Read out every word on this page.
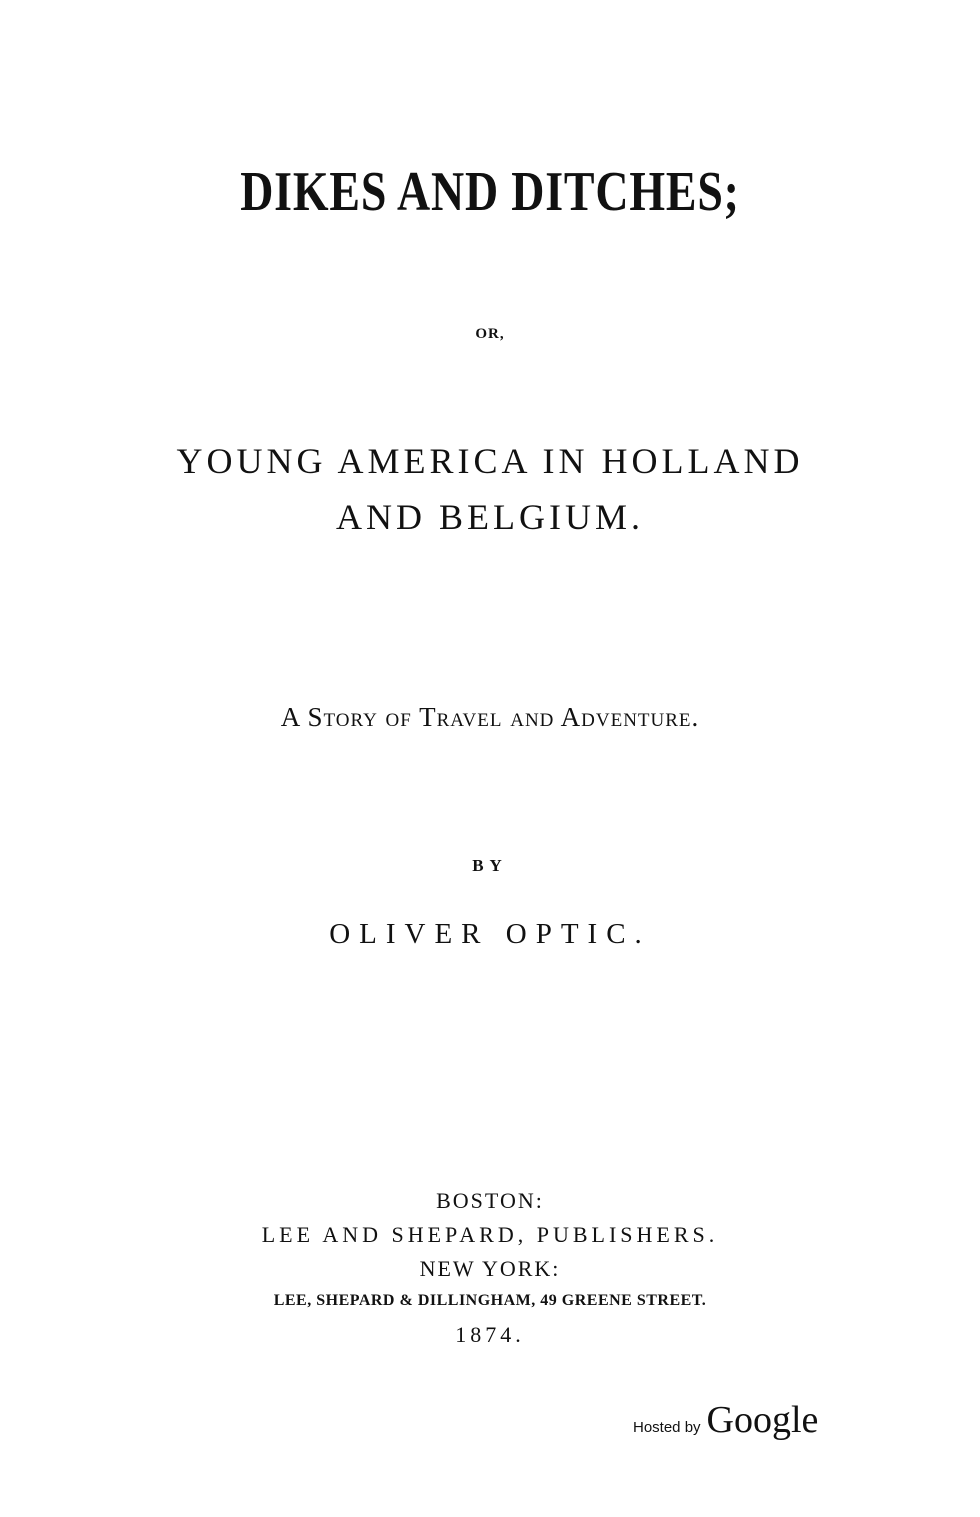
DIKES AND DITCHES;
OR,
YOUNG AMERICA IN HOLLAND
AND BELGIUM.
A Story of Travel and Adventure.
BY
OLIVER OPTIC.
BOSTON:
LEE AND SHEPARD, PUBLISHERS.
NEW YORK:
LEE, SHEPARD & DILLINGHAM, 49 GREENE STREET.
1874.
Hosted by Google
